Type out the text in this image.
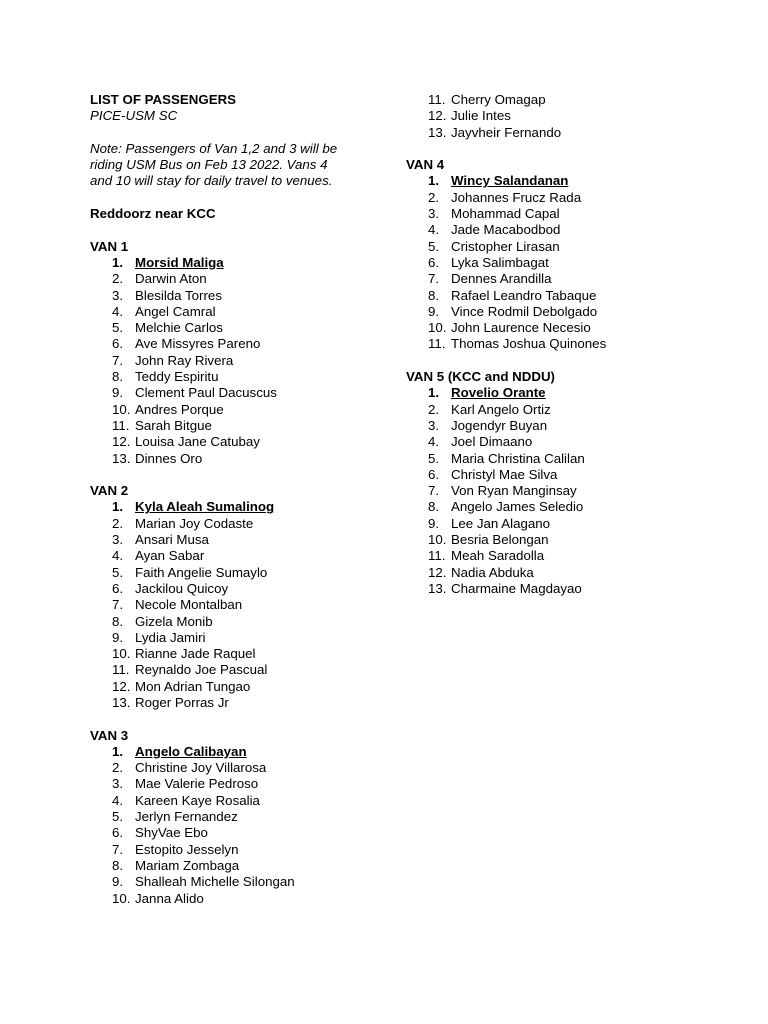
LIST OF PASSENGERS
PICE-USM SC
Note: Passengers of Van 1,2 and 3 will be
riding USM Bus on Feb 13 2022. Vans 4
and 10 will stay for daily travel to venues.
Reddoorz near KCC
VAN 1
1. Morsid Maliga
2. Darwin Aton
3. Blesilda Torres
4. Angel Camral
5. Melchie Carlos
6. Ave Missyres Pareno
7. John Ray Rivera
8. Teddy Espiritu
9. Clement Paul Dacuscus
10. Andres Porque
11. Sarah Bitgue
12. Louisa Jane Catubay
13. Dinnes Oro
VAN 2
1. Kyla Aleah Sumalinog
2. Marian Joy Codaste
3. Ansari Musa
4. Ayan Sabar
5. Faith Angelie Sumaylo
6. Jackilou Quicoy
7. Necole Montalban
8. Gizela Monib
9. Lydia Jamiri
10. Rianne Jade Raquel
11. Reynaldo Joe Pascual
12. Mon Adrian Tungao
13. Roger Porras Jr
VAN 3
1. Angelo Calibayan
2. Christine Joy Villarosa
3. Mae Valerie Pedroso
4. Kareen Kaye Rosalia
5. Jerlyn Fernandez
6. ShyVae Ebo
7. Estopito Jesselyn
8. Mariam Zombaga
9. Shalleah Michelle Silongan
10. Janna Alido
11. Cherry Omagap
12. Julie Intes
13. Jayvheir Fernando
VAN 4
1. Wincy Salandanan
2. Johannes Frucz Rada
3. Mohammad Capal
4. Jade Macabodbod
5. Cristopher Lirasan
6. Lyka Salimbagat
7. Dennes Arandilla
8. Rafael Leandro Tabaque
9. Vince Rodmil Debolgado
10. John Laurence Necesio
11. Thomas Joshua Quinones
VAN 5 (KCC and NDDU)
1. Rovelio Orante
2. Karl Angelo Ortiz
3. Jogendyr Buyan
4. Joel Dimaano
5. Maria Christina Calilan
6. Christyl Mae Silva
7. Von Ryan Manginsay
8. Angelo James Seledio
9. Lee Jan Alagano
10. Besria Belongan
11. Meah Saradolla
12. Nadia Abduka
13. Charmaine Magdayao
